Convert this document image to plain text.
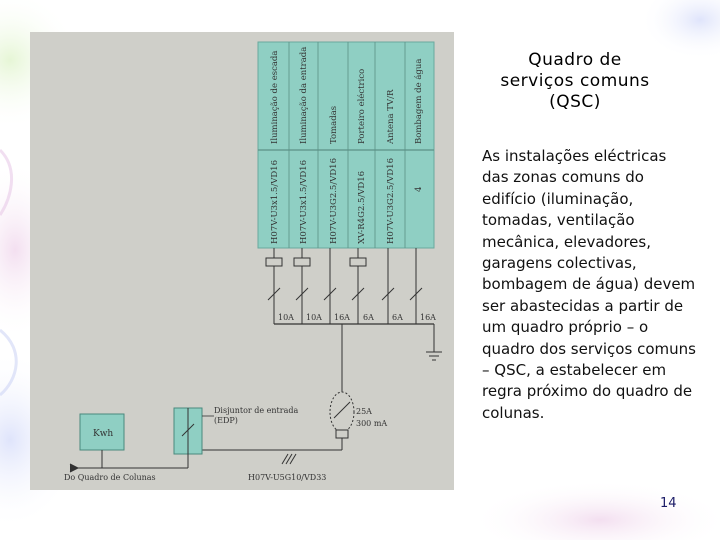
Iluminação de escada Iluminação da entrada Tomadas Porteiro eléctrico Antena TV/R Bombagem de água
H07V-U3x1.5/VD16 H07V-U3x1.5/VD16 H07V-U3G2.5/VD16 XV-R4G2.5/VD16 H07V-U3G2.5/VD16 4
10A 10A 16A 6A 6A 16A
25A
300 mA
Disjuntor de entrada
(EDP)
Kwh
Do Quadro de Colunas	H07V-U5G10/VD33
Quadro de
serviços comuns
(QSC)
As instalações eléctricas das zonas comuns do edifício (iluminação, tomadas, ventilação mecânica, elevadores, garagens colectivas, bombagem de água) devem ser abastecidas a partir de um quadro próprio – o quadro dos serviços comuns – QSC, a estabelecer em regra próximo do quadro de colunas.
14
